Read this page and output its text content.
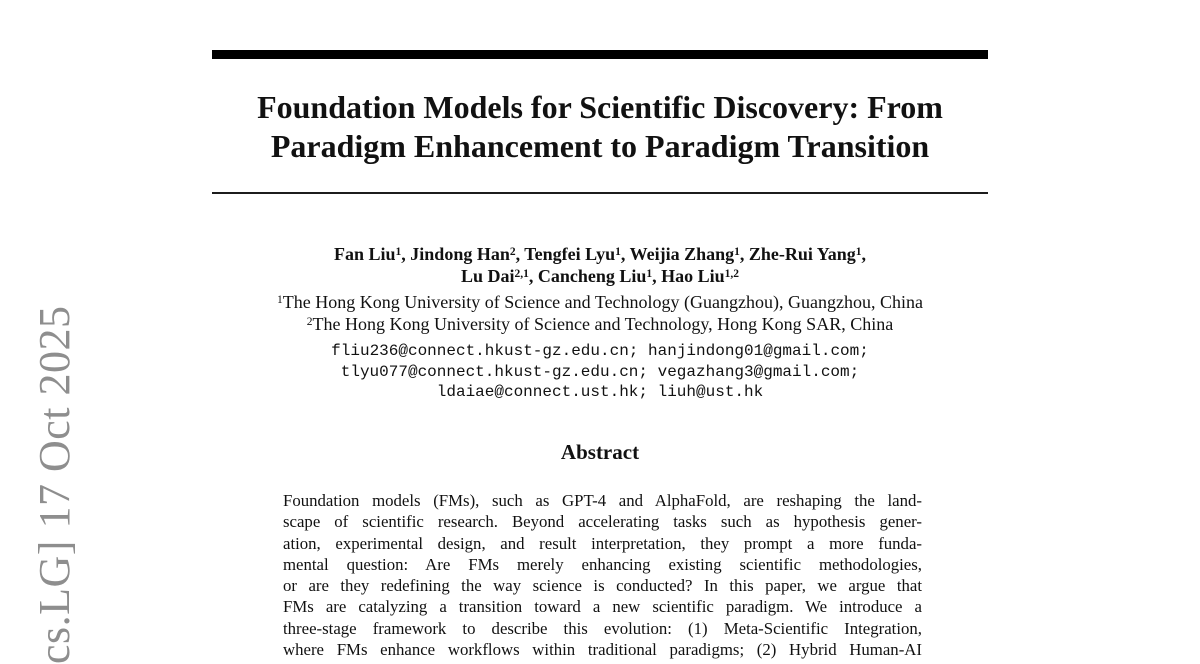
cs.LG] 17 Oct 2025
Foundation Models for Scientific Discovery: From
Paradigm Enhancement to Paradigm Transition
Fan Liu$^1$, Jindong Han$^2$, Tengfei Lyu$^1$, Weijia Zhang$^1$, Zhe-Rui Yang$^1$,
Lu Dai$^{2,1}$, Cancheng Liu$^1$, Hao Liu$^{1,2}$
$^1$The Hong Kong University of Science and Technology (Guangzhou), Guangzhou, China
$^2$The Hong Kong University of Science and Technology, Hong Kong SAR, China
fliu236@connect.hkust-gz.edu.cn; hanjindong01@gmail.com;
tlyu077@connect.hkust-gz.edu.cn; vegazhang3@gmail.com;
ldaiae@connect.ust.hk; liuh@ust.hk
Abstract
Foundation models (FMs), such as GPT-4 and AlphaFold, are reshaping the land-
scape of scientific research. Beyond accelerating tasks such as hypothesis gener-
ation, experimental design, and result interpretation, they prompt a more funda-
mental question: Are FMs merely enhancing existing scientific methodologies,
or are they redefining the way science is conducted? In this paper, we argue that
FMs are catalyzing a transition toward a new scientific paradigm. We introduce a
three-stage framework to describe this evolution: (1) Meta-Scientific Integration,
where FMs enhance workflows within traditional paradigms; (2) Hybrid Human-AI
